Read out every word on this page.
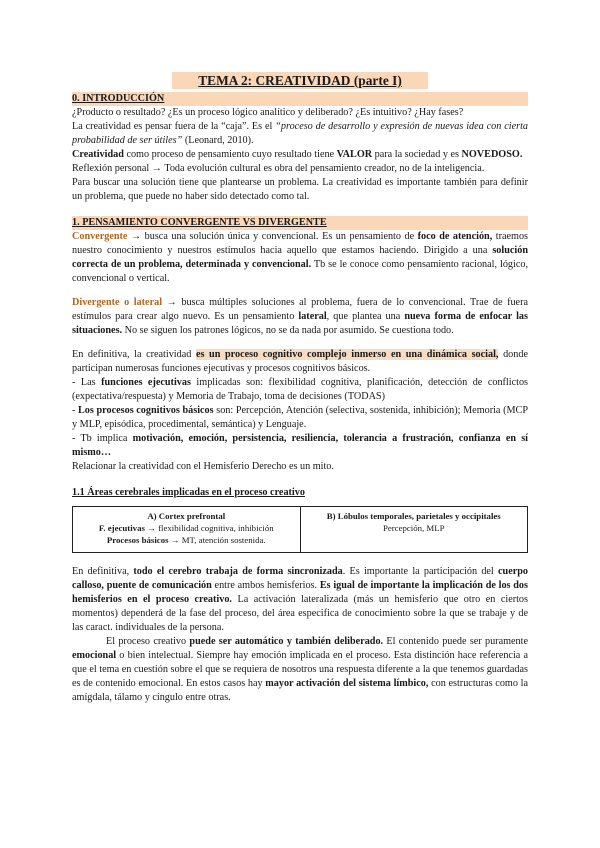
TEMA 2: CREATIVIDAD (parte I)
0. INTRODUCCIÓN

¿Producto o resultado? ¿Es un proceso lógico analítico y deliberado? ¿Es intuitivo? ¿Hay fases?

La creatividad es pensar fuera de la “caja”. Es el “proceso de desarrollo y expresión de nuevas idea con cierta probabilidad de ser útiles” (Leonard, 2010).

Creatividad como proceso de pensamiento cuyo resultado tiene VALOR para la sociedad y es NOVEDOSO.

Reflexión personal → Toda evolución cultural es obra del pensamiento creador, no de la inteligencia.

Para buscar una solución tiene que plantearse un problema. La creatividad es importante también para definir un problema, que puede no haber sido detectado como tal.

1. PENSAMIENTO CONVERGENTE VS DIVERGENTE

Convergente → busca una solución única y convencional. Es un pensamiento de foco de atención, traemos nuestro conocimiento y nuestros estímulos hacia aquello que estamos haciendo. Dirigido a una solución correcta de un problema, determinada y convencional. Tb se le conoce como pensamiento racional, lógico, convencional o vertical.

Divergente o lateral → busca múltiples soluciones al problema, fuera de lo convencional. Trae de fuera estímulos para crear algo nuevo. Es un pensamiento lateral, que plantea una nueva forma de enfocar las situaciones. No se siguen los patrones lógicos, no se da nada por asumido. Se cuestiona todo.

En definitiva, la creatividad es un proceso cognitivo complejo inmerso en una dinámica social, donde participan numerosas funciones ejecutivas y procesos cognitivos básicos.

- Las funciones ejecutivas implicadas son: flexibilidad cognitiva, planificación, detección de conflictos (expectativa/respuesta) y Memoria de Trabajo, toma de decisiones (TODAS)

- Los procesos cognitivos básicos son: Percepción, Atención (selectiva, sostenida, inhibición); Memoria (MCP y MLP, episódica, procedimental, semántica) y Lenguaje.

- Tb implica motivación, emoción, persistencia, resiliencia, tolerancia a frustración, confianza en sí mismo…

Relacionar la creatividad con el Hemisferio Derecho es un mito.

1.1 Áreas cerebrales implicadas en el proceso creativo
A) Cortex prefrontal
F. ejecutivas → flexibilidad cognitiva, inhibición
Procesos básicos → MT, atención sostenida.

B) Lóbulos temporales, parietales y occipitales
Percepción, MLP

En definitiva, todo el cerebro trabaja de forma sincronizada. Es importante la participación del cuerpo calloso, puente de comunicación entre ambos hemisferios. Es igual de importante la implicación de los dos hemisferios en el proceso creativo. La activación lateralizada (más un hemisferio que otro en ciertos momentos) dependerá de la fase del proceso, del área especifica de conocimiento sobre la que se trabaje y de las caract. individuales de la persona.

El proceso creativo puede ser automático y también deliberado. El contenido puede ser puramente emocional o bien intelectual. Siempre hay emoción implicada en el proceso. Esta distinción hace referencia a que el tema en cuestión sobre el que se requiera de nosotros una respuesta diferente a la que tenemos guardadas es de contenido emocional. En estos casos hay mayor activación del sistema límbico, con estructuras como la amígdala, tálamo y cíngulo entre otras.
